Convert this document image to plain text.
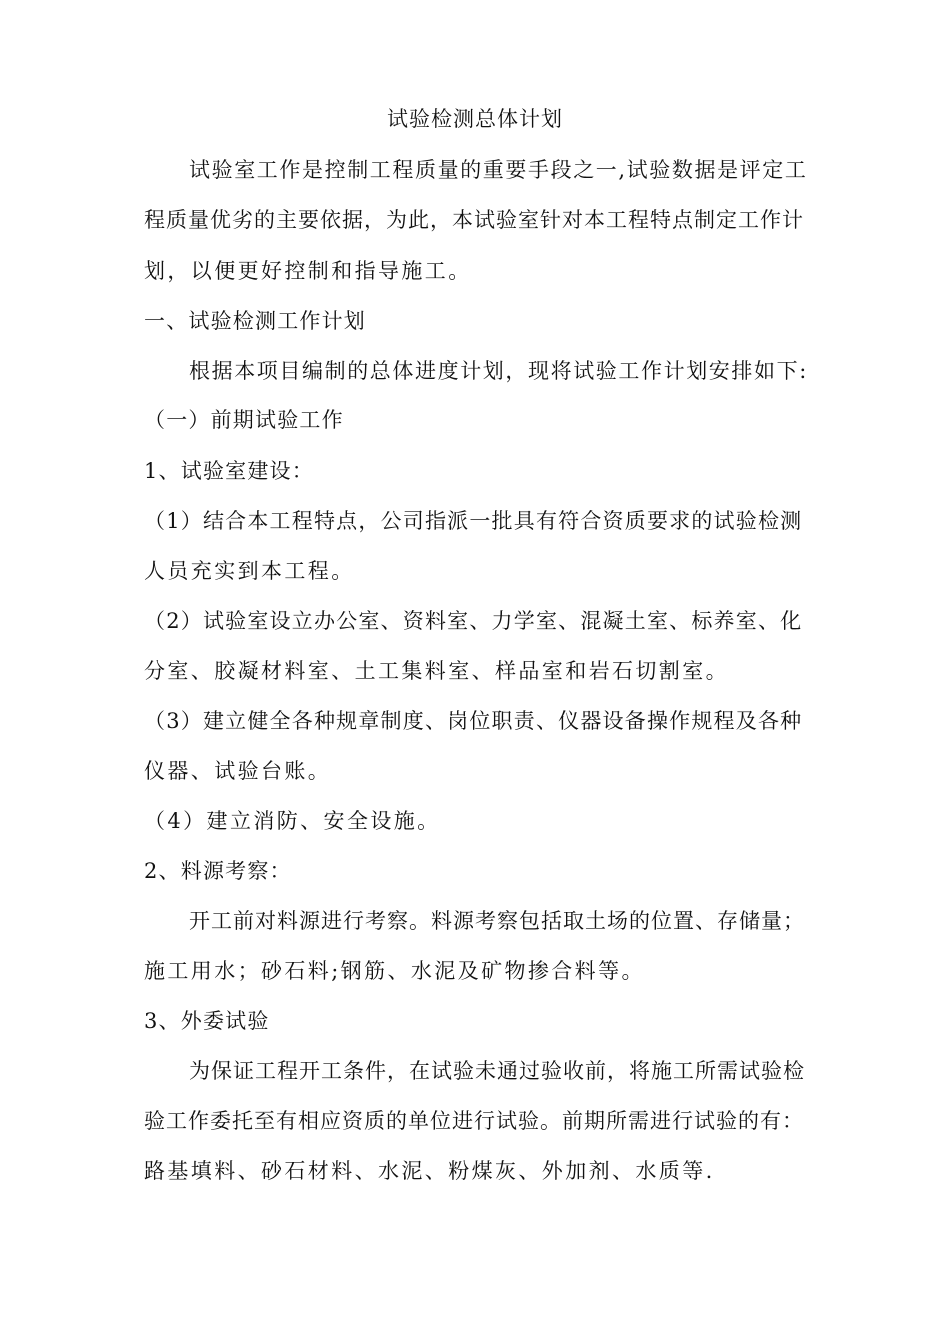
试验检测总体计划
试验室工作是控制工程质量的重要手段之一,试验数据是评定工
程质量优劣的主要依据，为此，本试验室针对本工程特点制定工作计
划，以便更好控制和指导施工。
一、试验检测工作计划
根据本项目编制的总体进度计划，现将试验工作计划安排如下:
（一）前期试验工作
1、试验室建设：
（1）结合本工程特点，公司指派一批具有符合资质要求的试验检测
人员充实到本工程。
（2）试验室设立办公室、资料室、力学室、混凝土室、标养室、化
分室、胶凝材料室、土工集料室、样品室和岩石切割室。
（3）建立健全各种规章制度、岗位职责、仪器设备操作规程及各种
仪器、试验台账。
（4）建立消防、安全设施。
2、料源考察：
开工前对料源进行考察。料源考察包括取土场的位置、存储量；
施工用水；砂石料;钢筋、水泥及矿物掺合料等。
3、外委试验
为保证工程开工条件，在试验未通过验收前，将施工所需试验检
验工作委托至有相应资质的单位进行试验。前期所需进行试验的有：
路基填料、砂石材料、水泥、粉煤灰、外加剂、水质等.
